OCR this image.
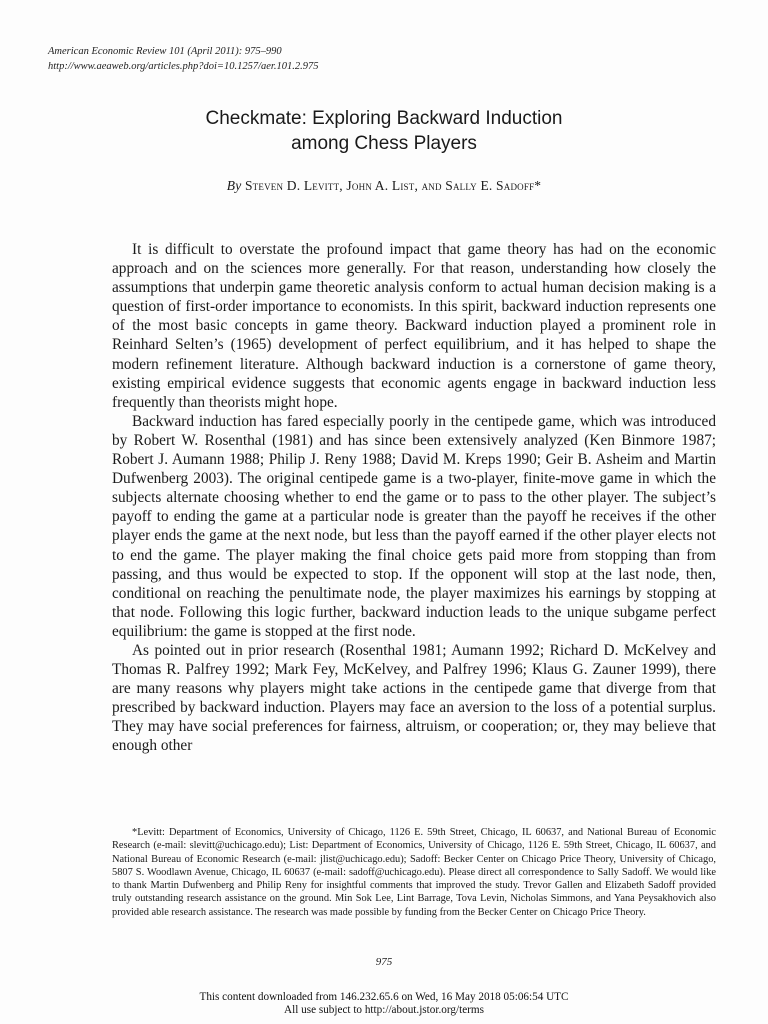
American Economic Review 101 (April 2011): 975–990
http://www.aeaweb.org/articles.php?doi=10.1257/aer.101.2.975
Checkmate: Exploring Backward Induction
among Chess Players
By Steven D. Levitt, John A. List, and Sally E. Sadoff*

It is difficult to overstate the profound impact that game theory has had on the economic approach and on the sciences more generally. For that reason, understanding how closely the assumptions that underpin game theoretic analysis conform to actual human decision making is a question of first-order importance to economists. In this spirit, backward induction represents one of the most basic concepts in game theory. Backward induction played a prominent role in Reinhard Selten’s (1965) development of perfect equilibrium, and it has helped to shape the modern refinement literature. Although backward induction is a cornerstone of game theory, existing empirical evidence suggests that economic agents engage in backward induction less frequently than theorists might hope.

Backward induction has fared especially poorly in the centipede game, which was introduced by Robert W. Rosenthal (1981) and has since been extensively analyzed (Ken Binmore 1987; Robert J. Aumann 1988; Philip J. Reny 1988; David M. Kreps 1990; Geir B. Asheim and Martin Dufwenberg 2003). The original centipede game is a two-player, finite-move game in which the subjects alternate choosing whether to end the game or to pass to the other player. The subject’s payoff to ending the game at a particular node is greater than the payoff he receives if the other player ends the game at the next node, but less than the payoff earned if the other player elects not to end the game. The player making the final choice gets paid more from stopping than from passing, and thus would be expected to stop. If the opponent will stop at the last node, then, conditional on reaching the penultimate node, the player maximizes his earnings by stopping at that node. Following this logic further, backward induction leads to the unique subgame perfect equilibrium: the game is stopped at the first node.

As pointed out in prior research (Rosenthal 1981; Aumann 1992; Richard D. McKelvey and Thomas R. Palfrey 1992; Mark Fey, McKelvey, and Palfrey 1996; Klaus G. Zauner 1999), there are many reasons why players might take actions in the centipede game that diverge from that prescribed by backward induction. Players may face an aversion to the loss of a potential surplus. They may have social preferences for fairness, altruism, or cooperation; or, they may believe that enough other

*Levitt: Department of Economics, University of Chicago, 1126 E. 59th Street, Chicago, IL 60637, and National Bureau of Economic Research (e-mail: slevitt@uchicago.edu); List: Department of Economics, University of Chicago, 1126 E. 59th Street, Chicago, IL 60637, and National Bureau of Economic Research (e-mail: jlist@uchicago.edu); Sadoff: Becker Center on Chicago Price Theory, University of Chicago, 5807 S. Woodlawn Avenue, Chicago, IL 60637 (e-mail: sadoff@uchicago.edu). Please direct all correspondence to Sally Sadoff. We would like to thank Martin Dufwenberg and Philip Reny for insightful comments that improved the study. Trevor Gallen and Elizabeth Sadoff provided truly outstanding research assistance on the ground. Min Sok Lee, Lint Barrage, Tova Levin, Nicholas Simmons, and Yana Peysakhovich also provided able research assistance. The research was made possible by funding from the Becker Center on Chicago Price Theory.

975
This content downloaded from 146.232.65.6 on Wed, 16 May 2018 05:06:54 UTC
All use subject to http://about.jstor.org/terms
